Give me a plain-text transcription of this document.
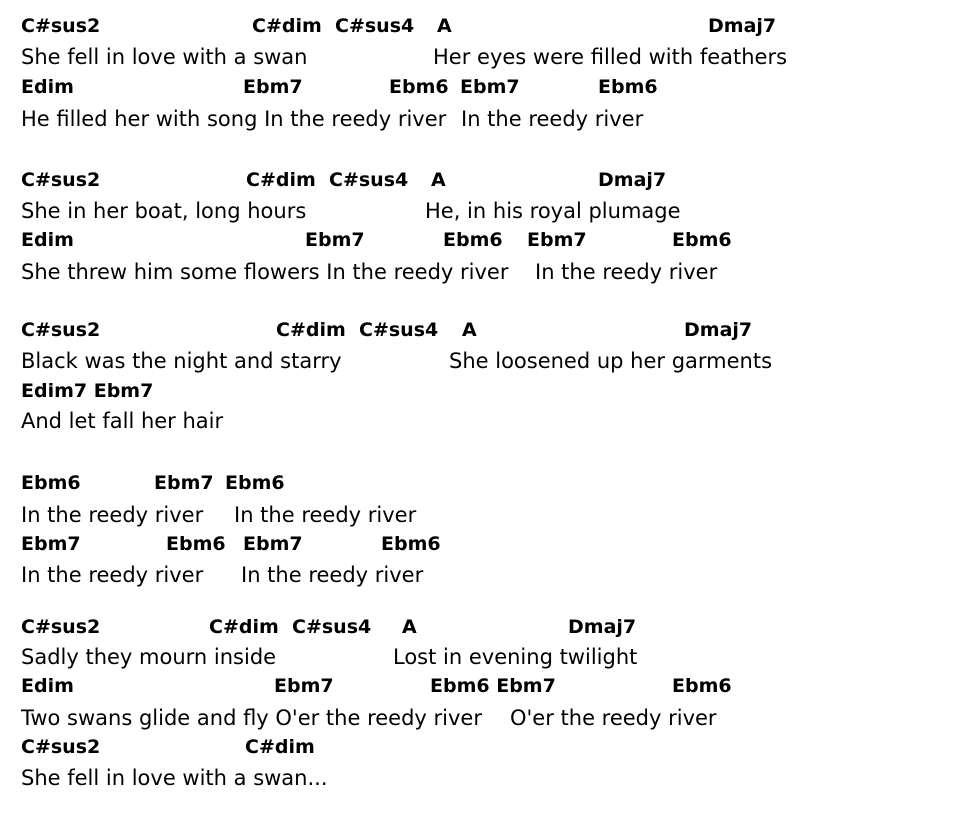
C#sus2	C#dim C#sus4 A	Dmaj7
She fell in love with a swan	Her eyes were filled with feathers
Edim	Ebm7	Ebm6 Ebm7	Ebm6
He filled her with song In the reedy river In the reedy river
C#sus2	C#dim C#sus4 A	Dmaj7
She in her boat, long hours	He, in his royal plumage
Edim	Ebm7	Ebm6 Ebm7	Ebm6
She threw him some flowers In the reedy river In the reedy river
C#sus2	C#dim C#sus4 A	Dmaj7
Black was the night and starry	She loosened up her garments
Edim7 Ebm7
And let fall her hair
Ebm6	Ebm7 Ebm6
In the reedy river In the reedy river
Ebm7	Ebm6 Ebm7	Ebm6
In the reedy river In the reedy river
C#sus2	C#dim C#sus4 A	Dmaj7
Sadly they mourn inside	Lost in evening twilight
Edim	Ebm7	Ebm6 Ebm7	Ebm6
Two swans glide and fly O'er the reedy river O'er the reedy river
C#sus2	C#dim
She fell in love with a swan...
